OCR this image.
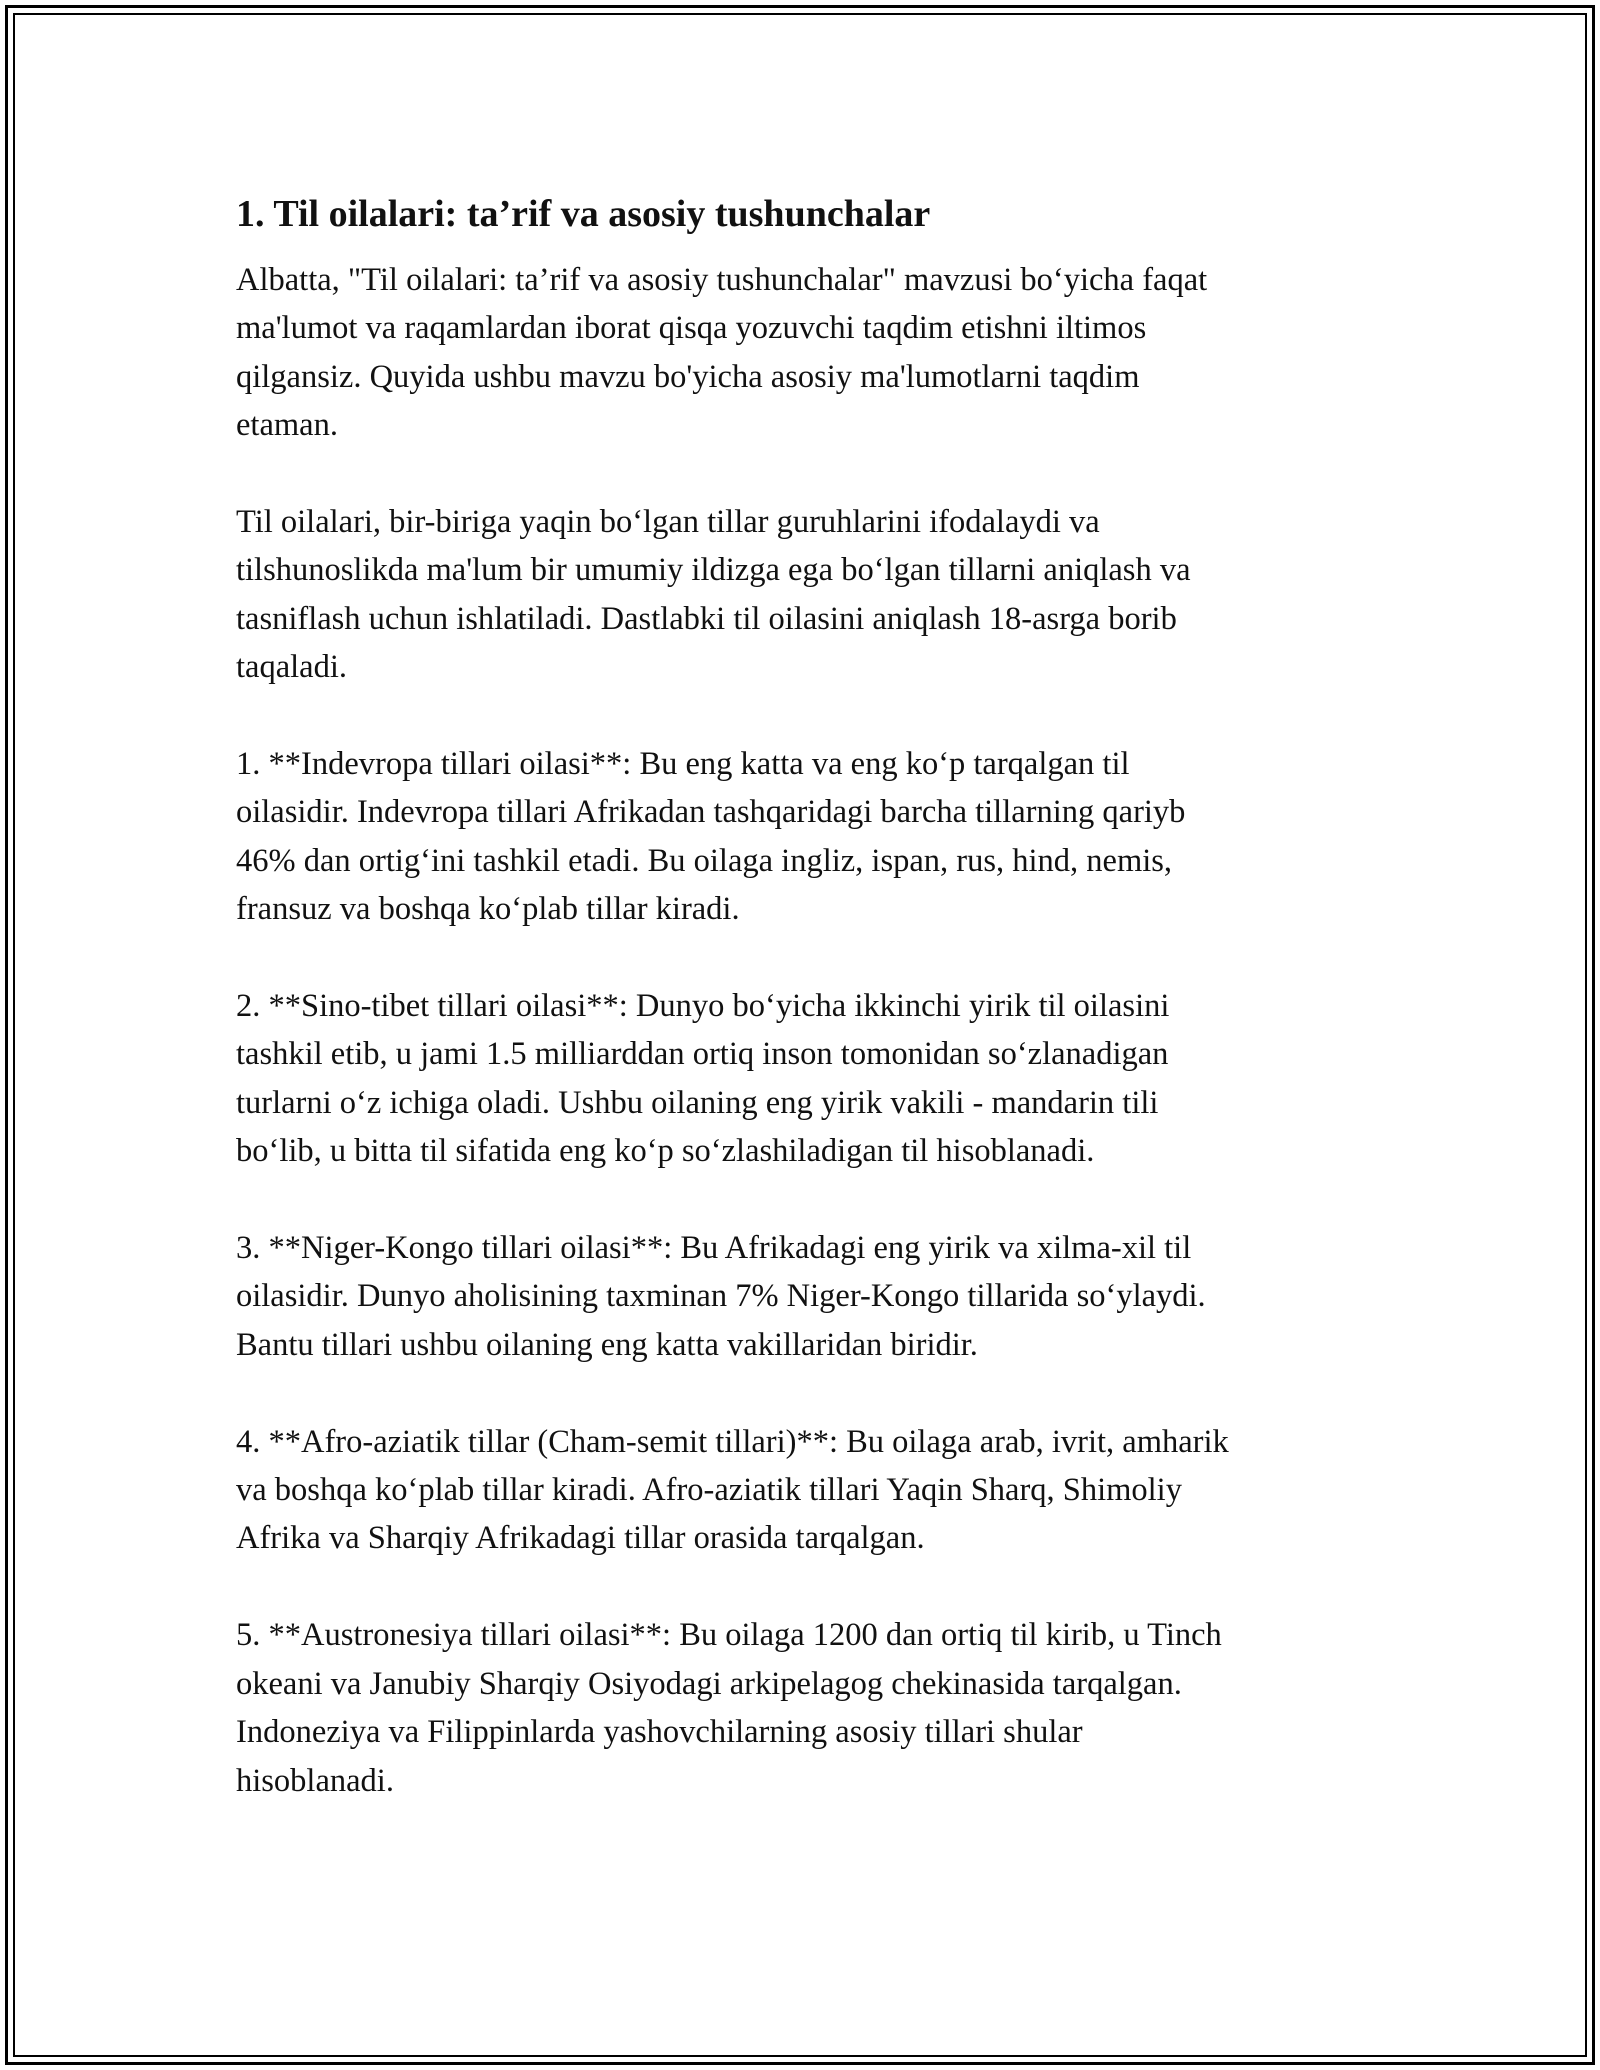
1. Til oilalari: ta’rif va asosiy tushunchalar

Albatta, "Til oilalari: ta’rif va asosiy tushunchalar" mavzusi bo‘yicha faqat
ma'lumot va raqamlardan iborat qisqa yozuvchi taqdim etishni iltimos
qilgansiz. Quyida ushbu mavzu bo'yicha asosiy ma'lumotlarni taqdim
etaman.

Til oilalari, bir-biriga yaqin bo‘lgan tillar guruhlarini ifodalaydi va
tilshunoslikda ma'lum bir umumiy ildizga ega bo‘lgan tillarni aniqlash va
tasniflash uchun ishlatiladi. Dastlabki til oilasini aniqlash 18-asrga borib
taqaladi.

1. **Indevropa tillari oilasi**: Bu eng katta va eng ko‘p tarqalgan til
oilasidir. Indevropa tillari Afrikadan tashqaridagi barcha tillarning qariyb
46% dan ortig‘ini tashkil etadi. Bu oilaga ingliz, ispan, rus, hind, nemis,
fransuz va boshqa ko‘plab tillar kiradi.

2. **Sino-tibet tillari oilasi**: Dunyo bo‘yicha ikkinchi yirik til oilasini
tashkil etib, u jami 1.5 milliarddan ortiq inson tomonidan so‘zlanadigan
turlarni o‘z ichiga oladi. Ushbu oilaning eng yirik vakili - mandarin tili
bo‘lib, u bitta til sifatida eng ko‘p so‘zlashiladigan til hisoblanadi.

3. **Niger-Kongo tillari oilasi**: Bu Afrikadagi eng yirik va xilma-xil til
oilasidir. Dunyo aholisining taxminan 7% Niger-Kongo tillarida so‘ylaydi.
Bantu tillari ushbu oilaning eng katta vakillaridan biridir.

4. **Afro-aziatik tillar (Cham-semit tillari)**: Bu oilaga arab, ivrit, amharik
va boshqa ko‘plab tillar kiradi. Afro-aziatik tillari Yaqin Sharq, Shimoliy
Afrika va Sharqiy Afrikadagi tillar orasida tarqalgan.

5. **Austronesiya tillari oilasi**: Bu oilaga 1200 dan ortiq til kirib, u Tinch
okeani va Janubiy Sharqiy Osiyodagi arkipelagog chekinasida tarqalgan.
Indoneziya va Filippinlarda yashovchilarning asosiy tillari shular
hisoblanadi.
